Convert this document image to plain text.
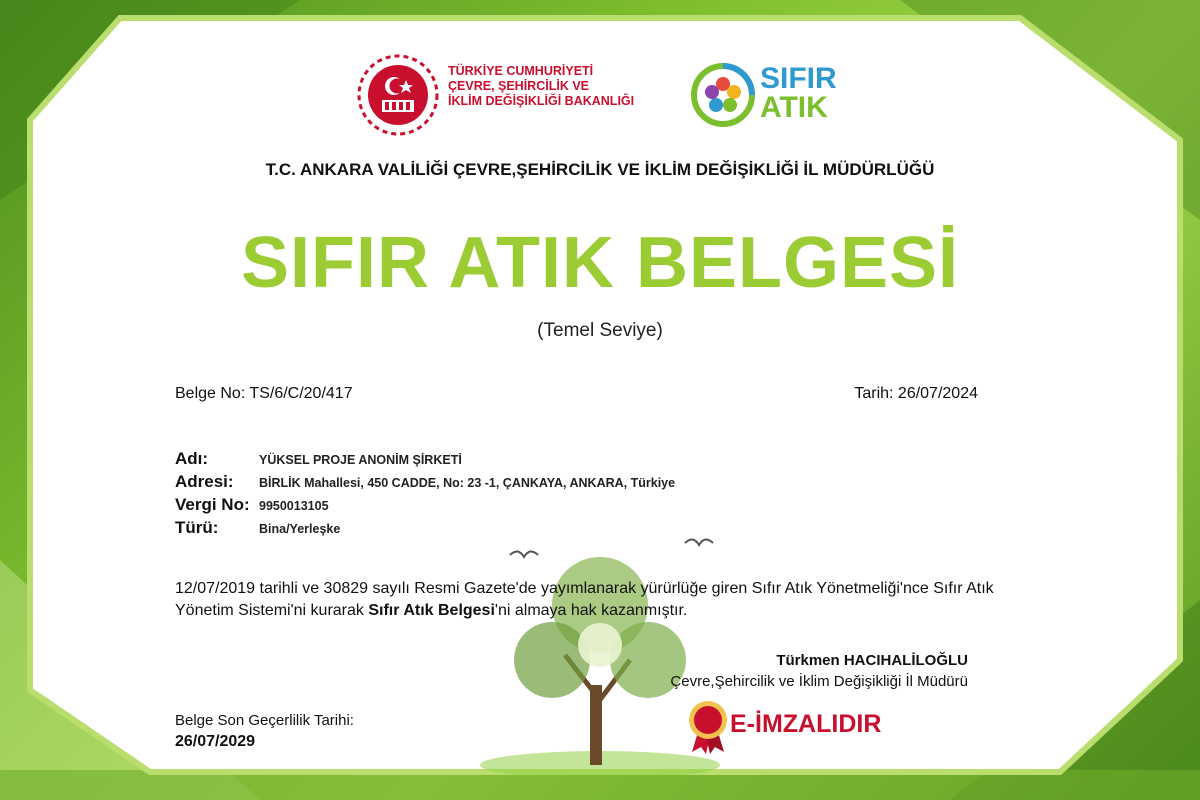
TÜRKİYE CUMHURİYETİ
ÇEVRE, ŞEHİRCİLİK VE
İKLİM DEĞİŞİKLİĞİ BAKANLIĞI
SIFIR
ATIK
T.C. ANKARA VALİLİĞİ ÇEVRE,ŞEHİRCİLİK VE İKLİM DEĞİŞİKLİĞİ İL MÜDÜRLÜĞÜ
SIFIR ATIK BELGESİ
(Temel Seviye)
Belge No: TS/6/C/20/417	Tarih: 26/07/2024
Adı:	YÜKSEL PROJE ANONİM ŞİRKETİ
Adresi:	BİRLİK Mahallesi, 450 CADDE, No: 23 -1, ÇANKAYA, ANKARA, Türkiye
Vergi No: 9950013105
Türü:	Bina/Yerleşke
12/07/2019 tarihli ve 30829 sayılı Resmi Gazete'de yayımlanarak yürürlüğe giren Sıfır Atık Yönetmeliği'nce Sıfır Atık Yönetim Sistemi'ni kurarak Sıfır Atık Belgesi'ni almaya hak kazanmıştır.
Türkmen HACIHALİLOĞLU
Çevre,Şehircilik ve İklim Değişikliği İl Müdürü
Belge Son Geçerlilik Tarihi:
26/07/2029
E-İMZALIDIR
